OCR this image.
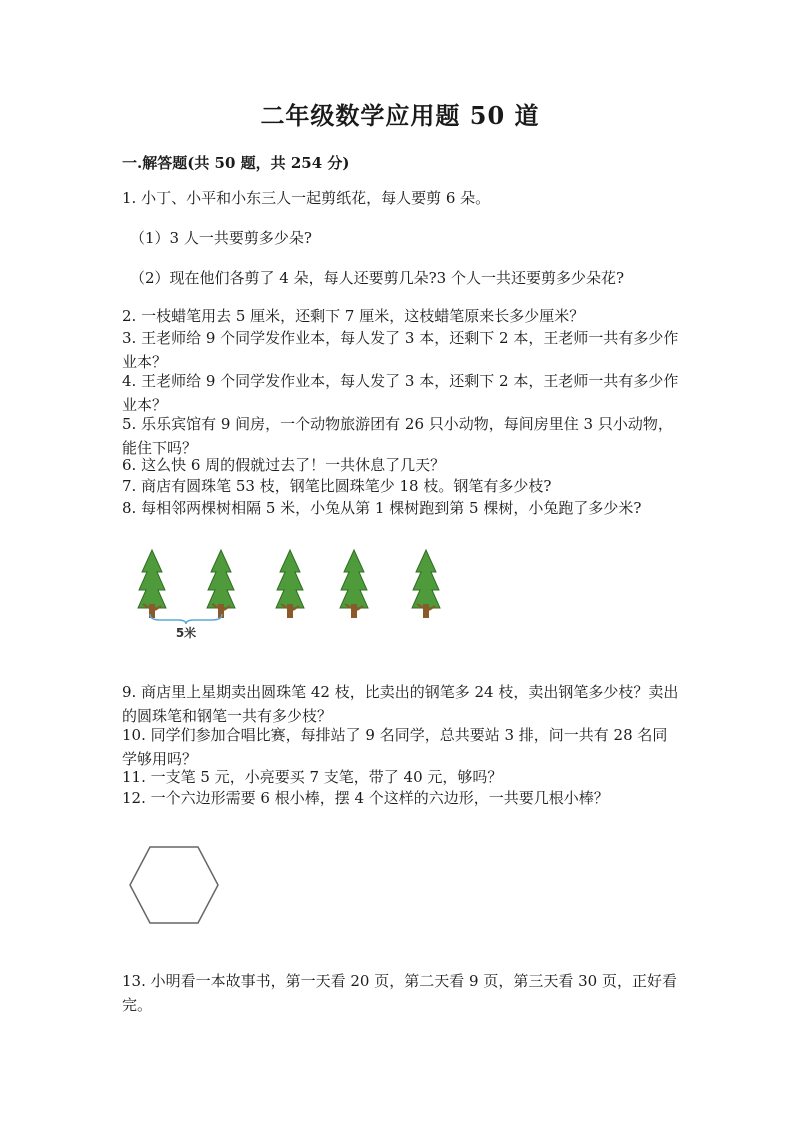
二年级数学应用题 50 道
一.解答题(共 50 题，共 254 分)
1. 小丁、小平和小东三人一起剪纸花，每人要剪 6 朵。
（1）3 人一共要剪多少朵?
（2）现在他们各剪了 4 朵，每人还要剪几朵?3 个人一共还要剪多少朵花?
2. 一枝蜡笔用去 5 厘米，还剩下 7 厘米，这枝蜡笔原来长多少厘米？
3. 王老师给 9 个同学发作业本，每人发了 3 本，还剩下 2 本，王老师一共有多少作业本？
4. 王老师给 9 个同学发作业本，每人发了 3 本，还剩下 2 本，王老师一共有多少作业本？
5. 乐乐宾馆有 9 间房，一个动物旅游团有 26 只小动物，每间房里住 3 只小动物，能住下吗？
6. 这么快 6 周的假就过去了！一共休息了几天？
7. 商店有圆珠笔 53 枝，钢笔比圆珠笔少 18 枝。钢笔有多少枝?
8. 每相邻两棵树相隔 5 米，小兔从第 1 棵树跑到第 5 棵树，小兔跑了多少米?
5米
9. 商店里上星期卖出圆珠笔 42 枝，比卖出的钢笔多 24 枝，卖出钢笔多少枝？卖出的圆珠笔和钢笔一共有多少枝？
10. 同学们参加合唱比赛，每排站了 9 名同学，总共要站 3 排，问一共有 28 名同学够用吗？
11. 一支笔 5 元，小亮要买 7 支笔，带了 40 元，够吗？
12. 一个六边形需要 6 根小棒，摆 4 个这样的六边形，一共要几根小棒？
13. 小明看一本故事书，第一天看 20 页，第二天看 9 页，第三天看 30 页，正好看完。
